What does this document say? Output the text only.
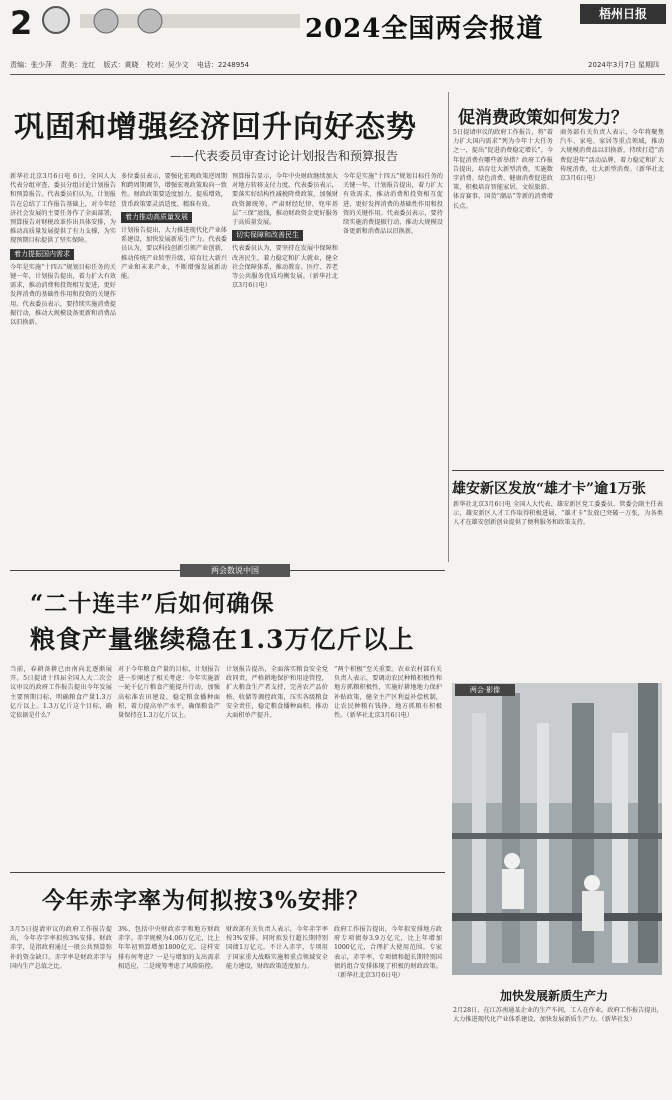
2	2024全国两会报道	梧州日报
责编：张少萍 责美：龙红 版式：黄晓 校对：吴少文 电话：2248954	2024年3月7日 星期四
巩固和增强经济回升向好态势
——代表委员审查讨论计划报告和预算报告
新华社北京3月6日电 6日，全国人大代表分组审查、委员分组讨论计划报告和预算报告。代表委员们认为，计划报告在总结了工作报告基础上，对今年经济社会发展的主要任务作了全面部署，预算报告对财税改革作出具体安排，为推动高质量发展提供了有力支撑，为实现预期目标提供了坚实保障。
着力提振国内需求
今年是实施“十四五”规划目标任务的关键一年，计划报告提出，着力扩大有效需求，推动消费和投资相互促进，更好发挥消费的基础性作用和投资的关键作用。代表委员表示，要持续实施消费提振行动，推动大规模设备更新和消费品以旧换新。
多位委员表示，要强化宏观政策逆周期和跨周期调节，增强宏观政策取向一致性。财政政策要适度加力、提质增效，货币政策要灵活适度、精准有效。
着力推动高质量发展
计划报告提出，大力推进现代化产业体系建设，加快发展新质生产力。代表委员认为，要以科技创新引领产业创新，推动传统产业转型升级，培育壮大新兴产业和未来产业，不断增强发展新动能。
预算报告显示，今年中央财政继续加大对地方转移支付力度。代表委员表示，要落实好结构性减税降费政策，加强财政资源统筹，严肃财经纪律，兜牢基层“三保”底线，推动财政资金更好服务于高质量发展。
切实保障和改善民生
代表委员认为，要坚持在发展中保障和改善民生，着力稳定和扩大就业，健全社会保障体系，推动教育、医疗、养老等公共服务优质均衡发展。（新华社北京3月6日电）
今年是实施“十四五”规划目标任务的关键一年，计划报告提出，着力扩大有效需求，推动消费和投资相互促进，更好发挥消费的基础性作用和投资的关键作用。代表委员表示，要持续实施消费提振行动，推动大规模设备更新和消费品以旧换新。
促消费政策如何发力？
5日提请审议的政府工作报告，将“着力扩大国内需求”列为今年十大任务之一，提出“促进消费稳定增长”。今年促消费有哪些新举措？政府工作报告提出，培育壮大新型消费，实施数字消费、绿色消费、健康消费促进政策，积极培育智能家居、文娱旅游、体育赛事、国货“潮品”等新的消费增长点。
商务部有关负责人表示，今年将聚焦汽车、家电、家居等重点领域，推动大规模消费品以旧换新，持续打造“消费促进年”活动品牌，着力稳定和扩大传统消费，壮大新型消费。（新华社北京3月6日电）
雄安新区发放“雄才卡”逾1万张
新华社北京3月6日电 全国人大代表、雄安新区党工委委员、管委会副主任表示，雄安新区人才工作取得积极进展，“雄才卡”发放已突破一万张，为各类人才在雄安创新创业提供了便利服务和政策支持。
两会数说中国
“二十连丰”后如何确保
粮食产量继续稳在1.3万亿斤以上
当前，春耕备耕已由南向北逐渐展开。5日提请十四届全国人大二次会议审议的政府工作报告提出今年发展主要预期目标，明确粮食产量1.3万亿斤以上。1.3万亿斤这个目标，确定依据是什么？
对于今年粮食产量的目标，计划报告进一步阐述了相关考虑：今年实施新一轮千亿斤粮食产能提升行动，加强高标准农田建设，稳定粮食播种面积，着力提高单产水平，确保粮食产量保持在1.3万亿斤以上。
计划报告提出，全面落实粮食安全党政同责，严格耕地保护和用途管控，扩大粮食生产者支持，完善农产品价格、收储等调控政策，压实各级粮食安全责任，稳定粮食播种面积，推动大面积单产提升。
“两个积极”至关重要。农业农村部有关负责人表示，要调动农民种粮积极性和地方抓粮积极性，实施好耕地地力保护补贴政策，健全主产区利益补偿机制，让农民种粮有钱挣、地方抓粮有积极性。（新华社北京3月6日电）
今年赤字率为何拟按3%安排？
3月5日提请审议的政府工作报告提出，今年赤字率拟按3%安排。财政赤字，是指政府通过一般公共预算弥补的资金缺口。赤字率是财政赤字与国内生产总值之比。
3%，包括中央财政赤字和地方财政赤字。赤字规模为4.06万亿元，比上年年初预算增加1800亿元。这样安排有何考虑？一是与增加的支出需求相适应，二是统筹考虑了风险防控。
财政部有关负责人表示，今年赤字率按3%安排，同时拟发行超长期特别国债1万亿元，不计入赤字，专项用于国家重大战略实施和重点领域安全能力建设，财政政策适度加力。
政府工作报告提出，今年拟安排地方政府专项债券3.9万亿元，比上年增加1000亿元，合理扩大使用范围。专家表示，赤字率、专项债和超长期特别国债的组合安排体现了积极的财政政策。（新华社北京3月6日电）
两会·影像
加快发展新质生产力
2月28日，在江苏南通某企业的生产车间，工人在作业。政府工作报告提出，大力推进现代化产业体系建设，加快发展新质生产力。（新华社发）
